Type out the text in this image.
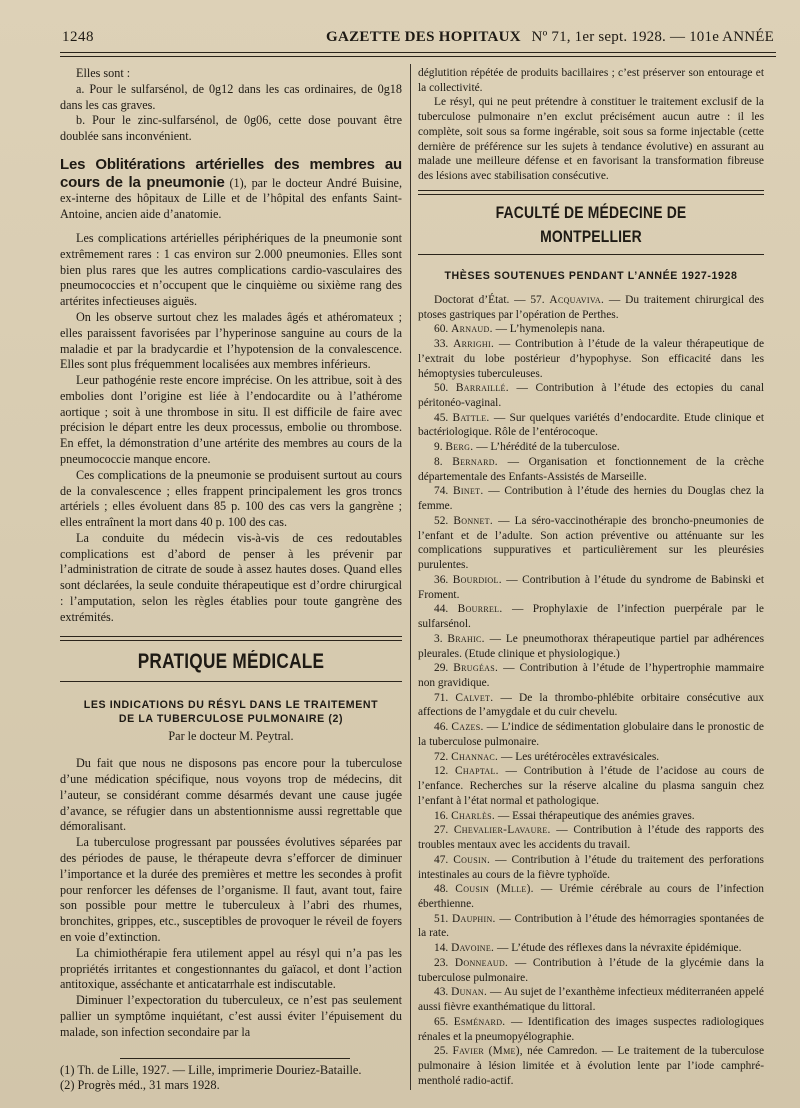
1248	GAZETTE DES HOPITAUX Nº 71, 1er sept. 1928. — 101e ANNÉE

Elles sont :

a. Pour le sulfarsénol, de 0g12 dans les cas ordinaires, de 0g18 dans les cas graves.

b. Pour le zinc-sulfarsénol, de 0g06, cette dose pouvant être doublée sans inconvénient.

Les Oblitérations artérielles des membres au cours de la pneumonie (1), par le docteur André Buisine, ex-interne des hôpitaux de Lille et de l’hôpital des enfants Saint-Antoine, ancien aide d’anatomie.

Les complications artérielles périphériques de la pneumonie sont extrêmement rares : 1 cas environ sur 2.000 pneumonies. Elles sont bien plus rares que les autres complications cardio-vasculaires des pneumococcies et n’occupent que le cinquième ou sixième rang des artérites infectieuses aiguës.

On les observe surtout chez les malades âgés et athéromateux ; elles paraissent favorisées par l’hyperinose sanguine au cours de la maladie et par la bradycardie et l’hypotension de la convalescence. Elles sont plus fréquemment localisées aux membres inférieurs.

Leur pathogénie reste encore imprécise. On les attribue, soit à des embolies dont l’origine est liée à l’endocardite ou à l’athérome aortique ; soit à une thrombose in situ. Il est difficile de faire avec précision le départ entre les deux processus, embolie ou thrombose. En effet, la démonstration d’une artérite des membres au cours de la pneumococcie manque encore.

Ces complications de la pneumonie se produisent surtout au cours de la convalescence ; elles frappent principalement les gros troncs artériels ; elles évoluent dans 85 p. 100 des cas vers la gangrène ; elles entraînent la mort dans 40 p. 100 des cas.

La conduite du médecin vis-à-vis de ces redoutables complications est d’abord de penser à les prévenir par l’administration de citrate de soude à assez hautes doses. Quand elles sont déclarées, la seule conduite thérapeutique est d’ordre chirurgical : l’amputation, selon les règles établies pour toute gangrène des extrémités.

PRATIQUE MÉDICALE
LES INDICATIONS DU RÉSYL DANS LE TRAITEMENT
DE LA TUBERCULOSE PULMONAIRE (2)

Par le docteur M. Peytral.

Du fait que nous ne disposons pas encore pour la tuberculose d’une médication spécifique, nous voyons trop de médecins, dit l’auteur, se considérant comme désarmés devant une cause jugée d’avance, se réfugier dans un abstentionnisme aussi regrettable que démoralisant.

La tuberculose progressant par poussées évolutives séparées par des périodes de pause, le thérapeute devra s’efforcer de diminuer l’importance et la durée des premières et mettre les secondes à profit pour renforcer les défenses de l’organisme. Il faut, avant tout, faire son possible pour mettre le tuberculeux à l’abri des rhumes, bronchites, grippes, etc., susceptibles de provoquer le réveil de foyers en voie d’extinction.

La chimiothérapie fera utilement appel au résyl qui n’a pas les propriétés irritantes et congestionnantes du gaïacol, et dont l’action antitoxique, asséchante et anticatarrhale est indiscutable.

Diminuer l’expectoration du tuberculeux, ce n’est pas seulement pallier un symptôme inquiétant, c’est aussi éviter l’épuisement du malade, son infection secondaire par la

(1) Th. de Lille, 1927. — Lille, imprimerie Douriez-Bataille.

(2) Progrès méd., 31 mars 1928.

déglutition répétée de produits bacillaires ; c’est préserver son entourage et la collectivité.

Le résyl, qui ne peut prétendre à constituer le traitement exclusif de la tuberculose pulmonaire n’en exclut précisément aucun autre : il les complète, soit sous sa forme ingérable, soit sous sa forme injectable (cette dernière de préférence sur les sujets à tendance évolutive) en assurant au malade une meilleure défense et en favorisant la transformation fibreuse des lésions avec stabilisation consécutive.

FACULTÉ DE MÉDECINE DE MONTPELLIER
THÈSES SOUTENUES PENDANT L’ANNÉE 1927-1928

Doctorat d’État. — 57. Acquaviva. — Du traitement chirurgical des ptoses gastriques par l’opération de Perthes.

60. Arnaud. — L’hymenolepis nana.

33. Arrighi. — Contribution à l’étude de la valeur thérapeutique de l’extrait du lobe postérieur d’hypophyse. Son efficacité dans les hémoptysies tuberculeuses.

50. Barraillé. — Contribution à l’étude des ectopies du canal péritonéo-vaginal.

45. Battle. — Sur quelques variétés d’endocardite. Etude clinique et bactériologique. Rôle de l’entérocoque.

9. Berg. — L’hérédité de la tuberculose.

8. Bernard. — Organisation et fonctionnement de la crèche départementale des Enfants-Assistés de Marseille.

74. Binet. — Contribution à l’étude des hernies du Douglas chez la femme.

52. Bonnet. — La séro-vaccinothérapie des broncho-pneumonies de l’enfant et de l’adulte. Son action préventive ou atténuante sur les complications suppuratives et particulièrement sur les pleurésies purulentes.

36. Bourdiol. — Contribution à l’étude du syndrome de Babinski et Froment.

44. Bourrel. — Prophylaxie de l’infection puerpérale par le sulfarsénol.

3. Brahic. — Le pneumothorax thérapeutique partiel par adhérences pleurales. (Etude clinique et physiologique.)

29. Brugéas. — Contribution à l’étude de l’hypertrophie mammaire non gravidique.

71. Calvet. — De la thrombo-phlébite orbitaire consécutive aux affections de l’amygdale et du cuir chevelu.

46. Cazes. — L’indice de sédimentation globulaire dans le pronostic de la tuberculose pulmonaire.

72. Channac. — Les urétérocèles extravésicales.

12. Chaptal. — Contribution à l’étude de l’acidose au cours de l’enfance. Recherches sur la réserve alcaline du plasma sanguin chez l’enfant à l’état normal et pathologique.

16. Charlès. — Essai thérapeutique des anémies graves.

27. Chevalier-Lavaure. — Contribution à l’étude des rapports des troubles mentaux avec les accidents du travail.

47. Cousin. — Contribution à l’étude du traitement des perforations intestinales au cours de la fièvre typhoïde.

48. Cousin (Mlle). — Urémie cérébrale au cours de l’infection éberthienne.

51. Dauphin. — Contribution à l’étude des hémorragies spontanées de la rate.

14. Davoine. — L’étude des réflexes dans la névraxite épidémique.

23. Donneaud. — Contribution à l’étude de la glycémie dans la tuberculose pulmonaire.

43. Dunan. — Au sujet de l’exanthème infectieux méditerranéen appelé aussi fièvre exanthématique du littoral.

65. Esménard. — Identification des images suspectes radiologiques rénales et la pneumopyélographie.

25. Favier (Mme), née Camredon. — Le traitement de la tuberculose pulmonaire à lésion limitée et à évolution lente par l’iode camphré-mentholé radio-actif.
